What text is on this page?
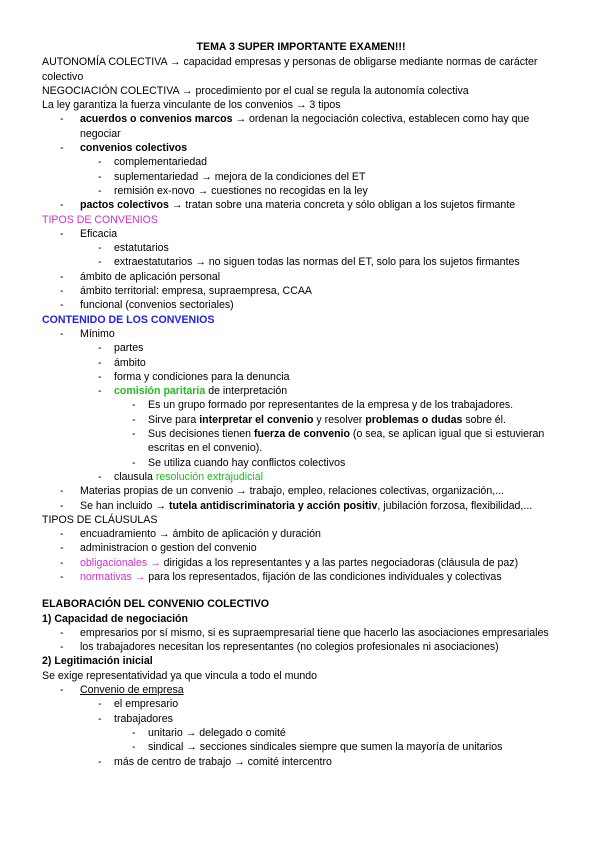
TEMA 3 SUPER IMPORTANTE EXAMEN!!!

AUTONOMÍA COLECTIVA → capacidad empresas y personas de obligarse mediante normas de carácter colectivo

NEGOCIACIÓN COLECTIVA → procedimiento por el cual se regula la autonomía colectiva

La ley garantiza la fuerza vinculante de los convenios → 3 tipos

- acuerdos o convenios marcos → ordenan la negociación colectiva, establecen como hay que negociar
- convenios colectivos
- complementariedad
- suplementariedad → mejora de la condiciones del ET
- remisión ex-novo → cuestiones no recogidas en la ley
- pactos colectivos → tratan sobre una materia concreta y sólo obligan a los sujetos firmante

TIPOS DE CONVENIOS

- Eficacia
- estatutarios
- extraestatutarios → no siguen todas las normas del ET, solo para los sujetos firmantes
- ámbito de aplicación personal
- ámbito territorial: empresa, supraempresa, CCAA
- funcional (convenios sectoriales)

CONTENIDO DE LOS CONVENIOS

- Mínimo
- partes
- ámbito
- forma y condiciones para la denuncia
- comisión paritaria de interpretación
- Es un grupo formado por representantes de la empresa y de los trabajadores.
- Sirve para interpretar el convenio y resolver problemas o dudas sobre él.
- Sus decisiones tienen fuerza de convenio (o sea, se aplican igual que si estuvieran escritas en el convenio).
- Se utiliza cuando hay conflictos colectivos
- clausula resolución extrajudicial
- Materias propias de un convenio → trabajo, empleo, relaciones colectivas, organización,...
- Se han incluido → tutela antidiscriminatoria y acción positiv, jubilación forzosa, flexibilidad,...

TIPOS DE CLÁUSULAS

- encuadramiento → ámbito de aplicación y duración
- administracion o gestion del convenio
- obligacionales → dirigidas a los representantes y a las partes negociadoras (cláusula de paz)
- normativas → para los representados, fijación de las condiciones individuales y colectivas

ELABORACIÓN DEL CONVENIO COLECTIVO

1) Capacidad de negociación

- empresarios por sí mismo, si es supraempresarial tiene que hacerlo las asociaciones empresariales
- los trabajadores necesitan los representantes (no colegios profesionales ni asociaciones)

2) Legitimación inicial

Se exige representatividad ya que vincula a todo el mundo

- Convenio de empresa
- el empresario
- trabajadores
- unitario → delegado o comité
- sindical → secciones sindicales siempre que sumen la mayoría de unitarios
- más de centro de trabajo → comité intercentro
